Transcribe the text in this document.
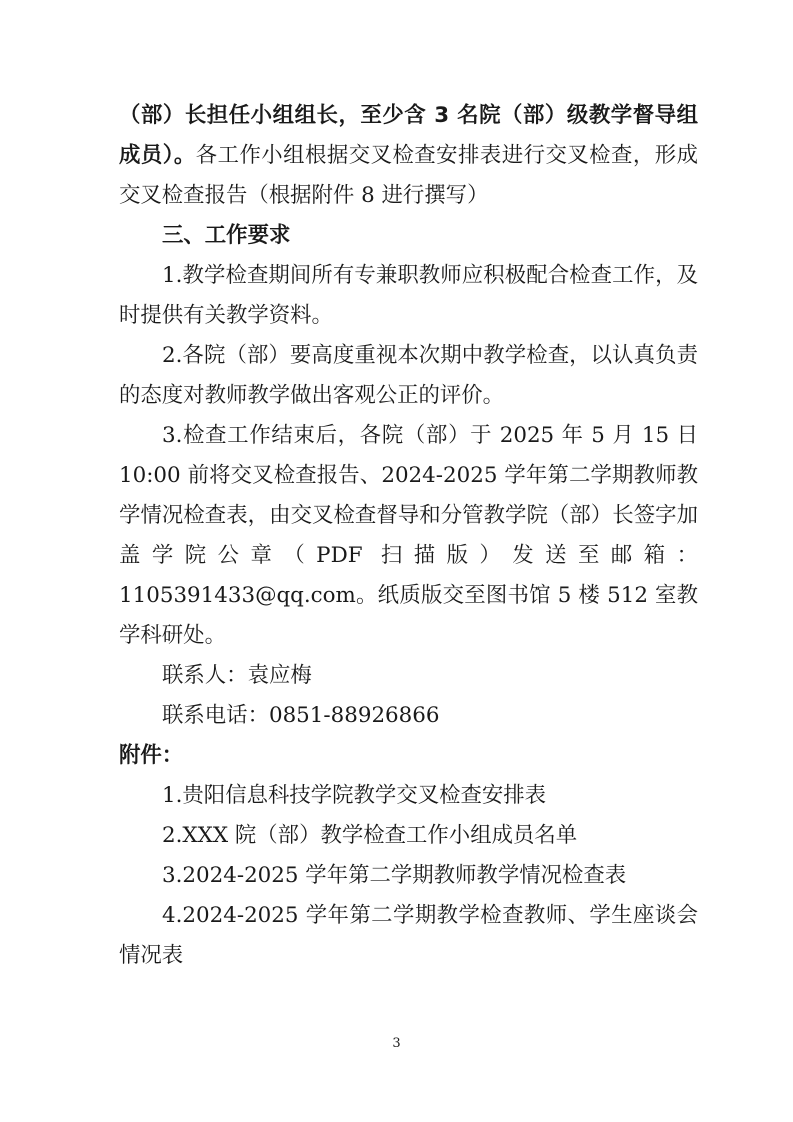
（部）长担任小组组长，至少含 3 名院（部）级教学督导组成员）。各工作小组根据交叉检查安排表进行交叉检查，形成交叉检查报告（根据附件 8 进行撰写）

三、工作要求

1.教学检查期间所有专兼职教师应积极配合检查工作，及时提供有关教学资料。

2.各院（部）要高度重视本次期中教学检查，以认真负责的态度对教师教学做出客观公正的评价。

3.检查工作结束后，各院（部）于 2025 年 5 月 15 日 10:00 前将交叉检查报告、2024-2025 学年第二学期教师教学情况检查表，由交叉检查督导和分管教学院（部）长签字加盖学院公章（PDF 扫描版）发送至邮箱：1105391433@qq.com。纸质版交至图书馆 5 楼 512 室教学科研处。

联系人：袁应梅

联系电话：0851-88926866

附件：

1.贵阳信息科技学院教学交叉检查安排表

2.XXX 院（部）教学检查工作小组成员名单

3.2024-2025 学年第二学期教师教学情况检查表

4.2024-2025 学年第二学期教学检查教师、学生座谈会情况表

3
